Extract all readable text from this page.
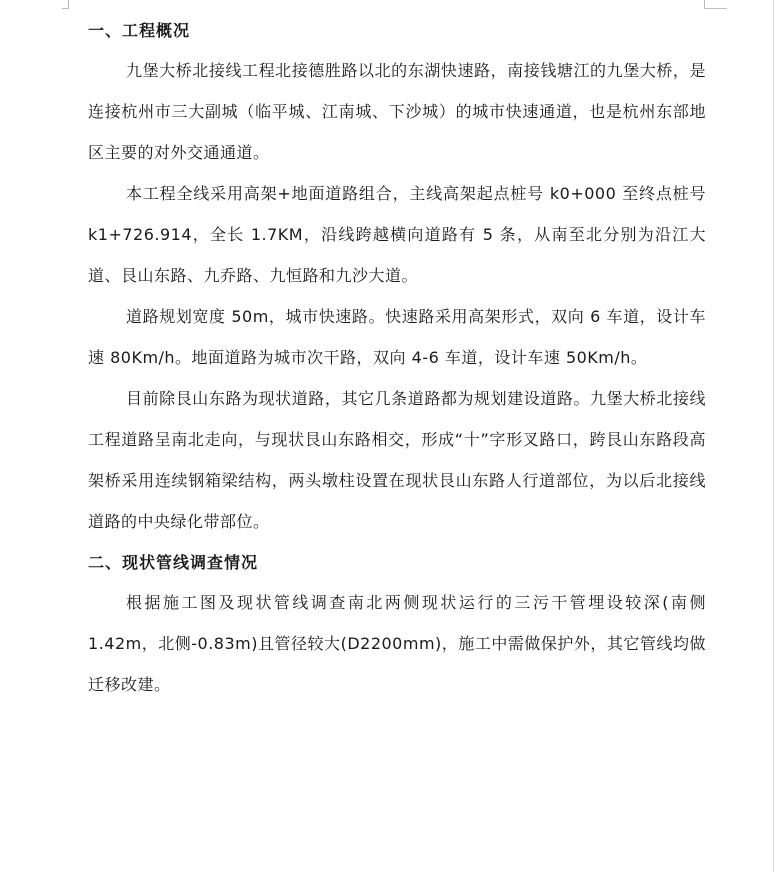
一、工程概况

九堡大桥北接线工程北接德胜路以北的东湖快速路，南接钱塘江的九堡大桥，是连接杭州市三大副城（临平城、江南城、下沙城）的城市快速通道，也是杭州东部地区主要的对外交通通道。

本工程全线采用高架+地面道路组合，主线高架起点桩号 k0+000 至终点桩号 k1+726.914，全长 1.7KM，沿线跨越横向道路有 5 条，从南至北分别为沿江大道、艮山东路、九乔路、九恒路和九沙大道。

道路规划宽度 50m，城市快速路。快速路采用高架形式，双向 6 车道，设计车速 80Km/h。地面道路为城市次干路，双向 4-6 车道，设计车速 50Km/h。

目前除艮山东路为现状道路，其它几条道路都为规划建设道路。九堡大桥北接线工程道路呈南北走向，与现状艮山东路相交，形成“十”字形叉路口，跨艮山东路段高架桥采用连续钢箱梁结构，两头墩柱设置在现状艮山东路人行道部位，为以后北接线道路的中央绿化带部位。

二、现状管线调查情况

根据施工图及现状管线调查南北两侧现状运行的三污干管埋设较深(南侧 1.42m，北侧-0.83m)且管径较大(D2200mm)，施工中需做保护外，其它管线均做迁移改建。
